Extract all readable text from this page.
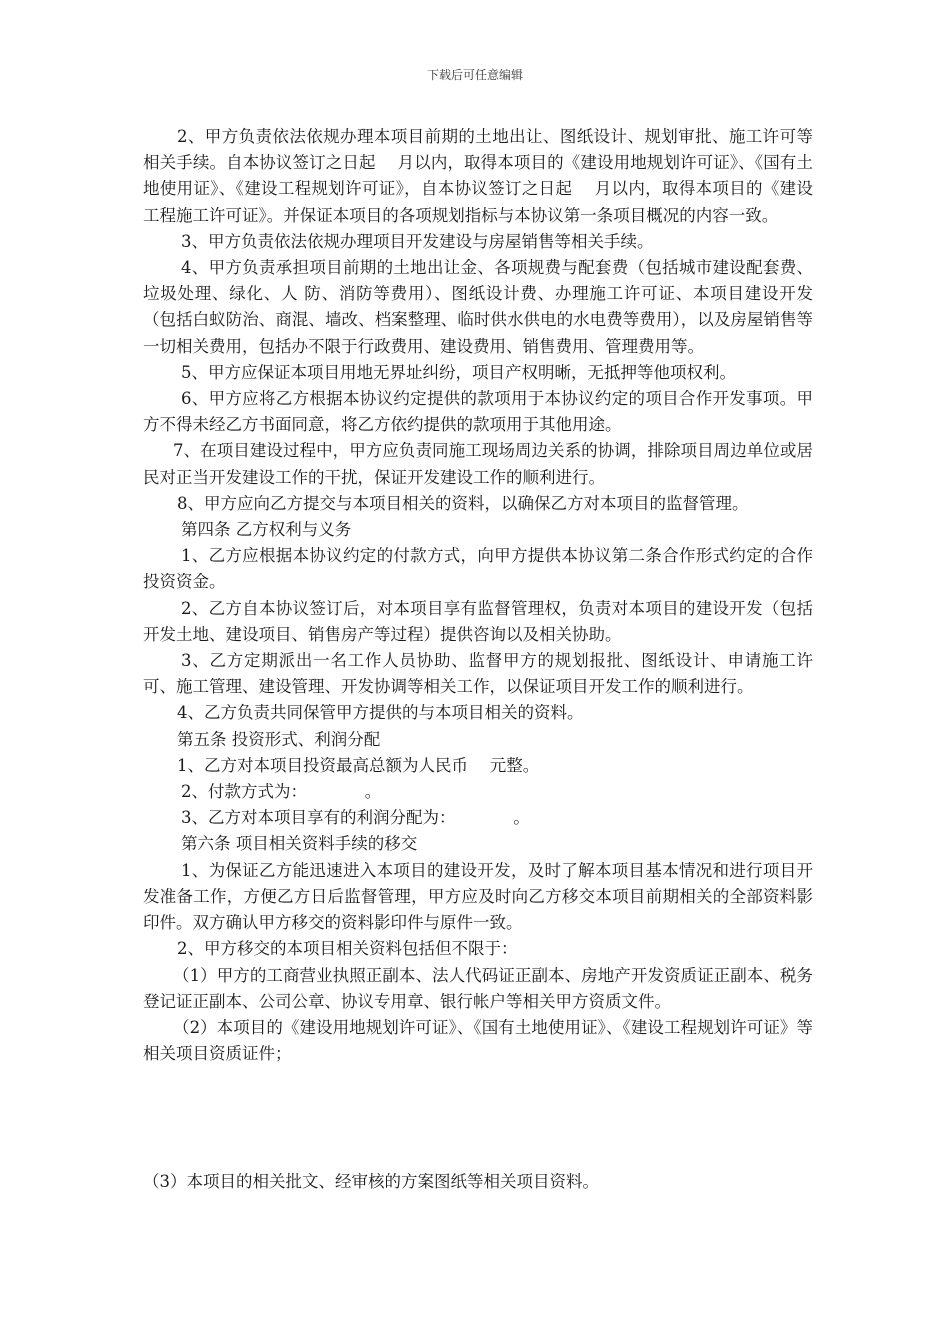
下载后可任意编辑

2、甲方负责依法依规办理本项目前期的土地出让、图纸设计、规划审批、施工许可等相关手续。自本协议签订之日起　 月以内，取得本项目的《建设用地规划许可证》、《国有土地使用证》、《建设工程规划许可证》，自本协议签订之日起　 月以内，取得本项目的《建设工程施工许可证》。并保证本项目的各项规划指标与本协议第一条项目概况的内容一致。

3、甲方负责依法依规办理项目开发建设与房屋销售等相关手续。

4、甲方负责承担项目前期的土地出让金、各项规费与配套费（包括城市建设配套费、垃圾处理、绿化、人 防、消防等费用）、图纸设计费、办理施工许可证、本项目建设开发（包括白蚁防治、商混、墙改、档案整理、临时供水供电的水电费等费用），以及房屋销售等一切相关费用，包括办不限于行政费用、建设费用、销售费用、管理费用等。

5、甲方应保证本项目用地无界址纠纷，项目产权明晰，无抵押等他项权利。

6、甲方应将乙方根据本协议约定提供的款项用于本协议约定的项目合作开发事项。甲方不得未经乙方书面同意，将乙方依约提供的款项用于其他用途。

7、在项目建设过程中，甲方应负责同施工现场周边关系的协调，排除项目周边单位或居民对正当开发建设工作的干扰，保证开发建设工作的顺利进行。

8、甲方应向乙方提交与本项目相关的资料，以确保乙方对本项目的监督管理。

第四条 乙方权利与义务

1、乙方应根据本协议约定的付款方式，向甲方提供本协议第二条合作形式约定的合作投资资金。

2、乙方自本协议签订后，对本项目享有监督管理权，负责对本项目的建设开发（包括开发土地、建设项目、销售房产等过程）提供咨询以及相关协助。

3、乙方定期派出一名工作人员协助、监督甲方的规划报批、图纸设计、申请施工许可、施工管理、建设管理、开发协调等相关工作，以保证项目开发工作的顺利进行。

4、乙方负责共同保管甲方提供的与本项目相关的资料。

第五条 投资形式、利润分配

1、乙方对本项目投资最高总额为人民币　 元整。

2、付款方式为：　　　　。

3、乙方对本项目享有的利润分配为：　　　　。

第六条 项目相关资料手续的移交

1、为保证乙方能迅速进入本项目的建设开发，及时了解本项目基本情况和进行项目开发准备工作，方便乙方日后监督管理，甲方应及时向乙方移交本项目前期相关的全部资料影印件。双方确认甲方移交的资料影印件与原件一致。

2、甲方移交的本项目相关资料包括但不限于：

（1）甲方的工商营业执照正副本、法人代码证正副本、房地产开发资质证正副本、税务登记证正副本、公司公章、协议专用章、银行帐户等相关甲方资质文件。

（2）本项目的《建设用地规划许可证》、《国有土地使用证》、《建设工程规划许可证》等相关项目资质证件；

（3）本项目的相关批文、经审核的方案图纸等相关项目资料。
